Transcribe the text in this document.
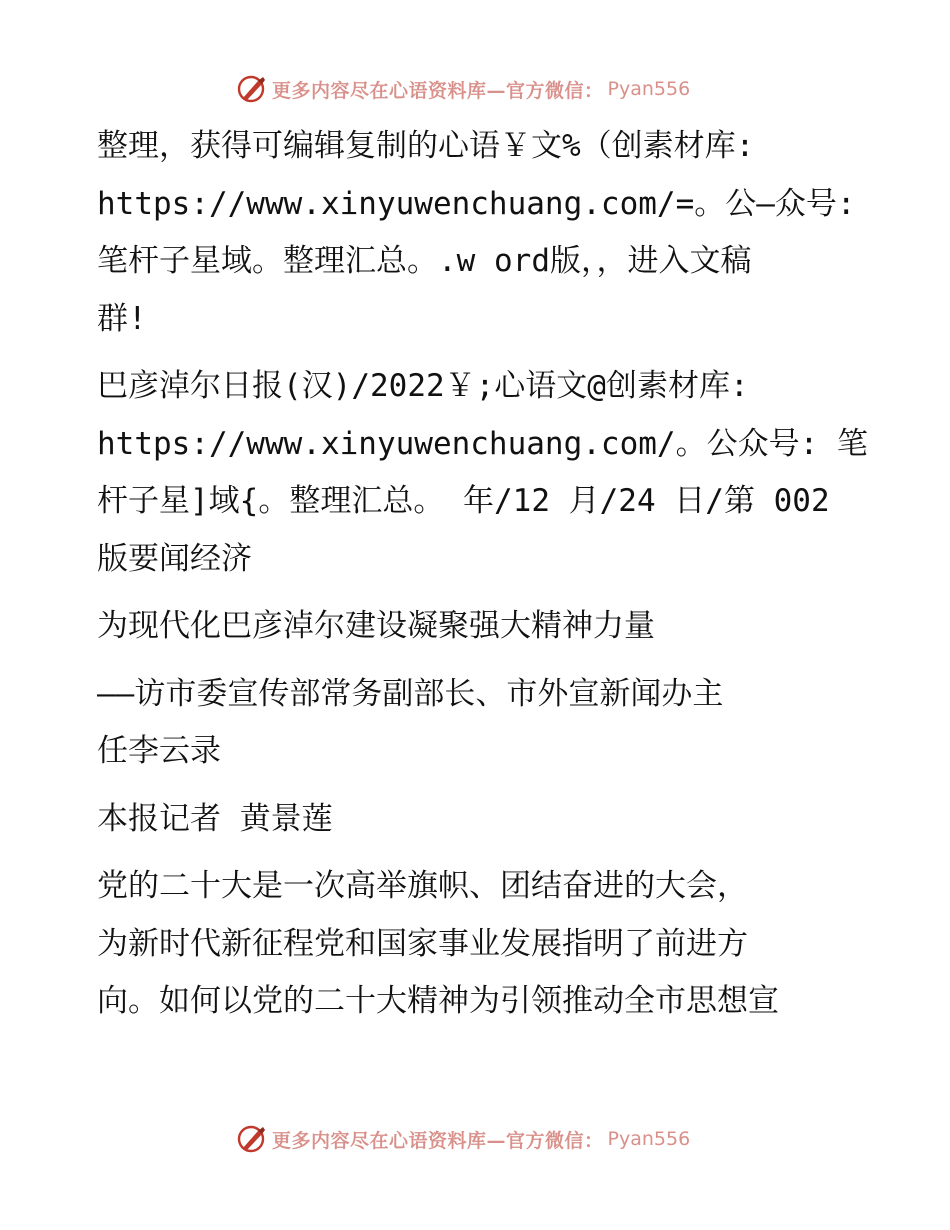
更多内容尽在心语资料库—官方微信： Pyan556

整理，获得可编辑复制的心语￥文%（创素材库:
https://www.xinyuwenchuang.com/=。公—众号:
笔杆子星域。整理汇总。.w ord版，，进入文稿
群!

巴彦淖尔日报(汉)/2022￥;心语文@创素材库:
https://www.xinyuwenchuang.com/。公众号: 笔
杆子星]域{。整理汇总。 年/12 月/24 日/第 002
版要闻经济

为现代化巴彦淖尔建设凝聚强大精神力量

——访市委宣传部常务副部长、市外宣新闻办主
任李云录

本报记者 黄景莲

党的二十大是一次高举旗帜、团结奋进的大会，
为新时代新征程党和国家事业发展指明了前进方
向。如何以党的二十大精神为引领推动全市思想宣

更多内容尽在心语资料库—官方微信： Pyan556
